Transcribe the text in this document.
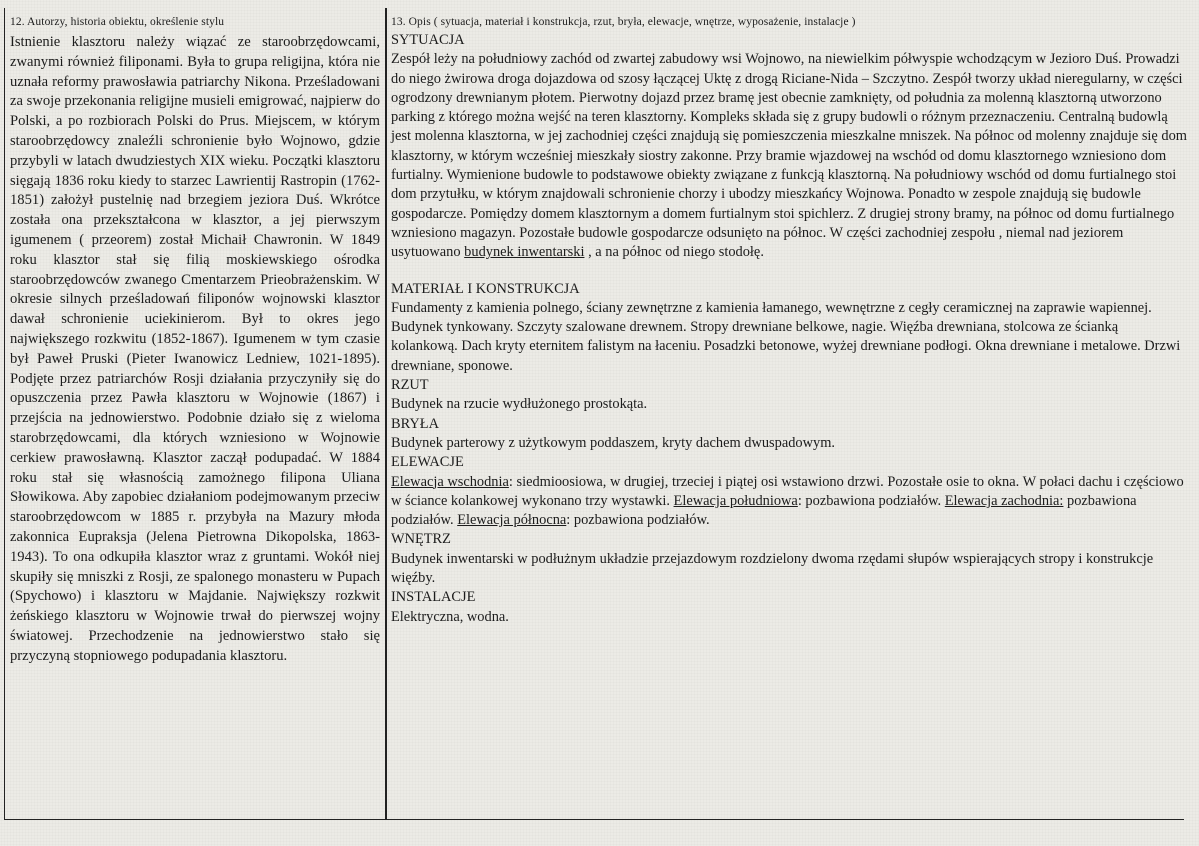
12. Autorzy, historia obiektu, określenie stylu

Istnienie klasztoru należy wiązać ze staroobrzędowcami, zwanymi również filiponami. Była to grupa religijna, która nie uznała reformy prawosławia patriarchy Nikona. Prześladowani za swoje przekonania religijne musieli emigrować, najpierw do Polski, a po rozbiorach Polski do Prus. Miejscem, w którym staroobrzędowcy znaleźli schronienie było Wojnowo, gdzie przybyli w latach dwudziestych XIX wieku. Początki klasztoru sięgają 1836 roku kiedy to starzec Lawrientij Rastropin (1762-1851) założył pustelnię nad brzegiem jeziora Duś. Wkrótce została ona przekształcona w klasztor, a jej pierwszym igumenem ( przeorem) został Michaił Chawronin. W 1849 roku klasztor stał się filią moskiewskiego ośrodka staroobrzędowców zwanego Cmentarzem Prieobrażenskim. W okresie silnych prześladowań filiponów wojnowski klasztor dawał schronienie uciekinierom. Był to okres jego największego rozkwitu (1852-1867). Igumenem w tym czasie był Paweł Pruski (Pieter Iwanowicz Ledniew, 1021-1895). Podjęte przez patriarchów Rosji działania przyczyniły się do opuszczenia przez Pawła klasztoru w Wojnowie (1867) i przejścia na jednowierstwo. Podobnie działo się z wieloma starobrzędowcami, dla których wzniesiono w Wojnowie cerkiew prawosławną. Klasztor zaczął podupadać. W 1884 roku stał się własnością zamożnego filipona Uliana Słowikowa. Aby zapobiec działaniom podejmowanym przeciw staroobrzędowcom w 1885 r. przybyła na Mazury młoda zakonnica Eupraksja (Jelena Pietrowna Dikopolska, 1863-1943). To ona odkupiła klasztor wraz z gruntami. Wokół niej skupiły się mniszki z Rosji, ze spalonego monasteru w Pupach (Spychowo) i klasztoru w Majdanie. Największy rozkwit żeńskiego klasztoru w Wojnowie trwał do pierwszej wojny światowej. Przechodzenie na jednowierstwo stało się przyczyną stopniowego podupadania klasztoru.

13. Opis ( sytuacja, materiał i konstrukcja, rzut, bryła, elewacje, wnętrze, wyposażenie, instalacje )
SYTUACJA

Zespół leży na południowy zachód od zwartej zabudowy wsi Wojnowo, na niewielkim półwyspie wchodzącym w Jezioro Duś. Prowadzi do niego żwirowa droga dojazdowa od szosy łączącej Uktę z drogą Riciane-Nida – Szczytno. Zespół tworzy układ nieregularny, w części ogrodzony drewnianym płotem. Pierwotny dojazd przez bramę jest obecnie zamknięty, od południa za molenną klasztorną utworzono parking z którego można wejść na teren klasztorny. Kompleks składa się z grupy budowli o różnym przeznaczeniu. Centralną budowlą jest molenna klasztorna, w jej zachodniej części znajdują się pomieszczenia mieszkalne mniszek. Na północ od molenny znajduje się dom klasztorny, w którym wcześniej mieszkały siostry zakonne. Przy bramie wjazdowej na wschód od domu klasztornego wzniesiono dom furtialny. Wymienione budowle to podstawowe obiekty związane z funkcją klasztorną. Na południowy wschód od domu furtialnego stoi dom przytułku, w którym znajdowali schronienie chorzy i ubodzy mieszkańcy Wojnowa. Ponadto w zespole znajdują się budowle gospodarcze. Pomiędzy domem klasztornym a domem furtialnym stoi spichlerz. Z drugiej strony bramy, na północ od domu furtialnego wzniesiono magazyn. Pozostałe budowle gospodarcze odsunięto na północ. W części zachodniej zespołu , niemal nad jeziorem usytuowano budynek inwentarski , a na północ od niego stodołę.

MATERIAŁ I KONSTRUKCJA

Fundamenty z kamienia polnego, ściany zewnętrzne z kamienia łamanego, wewnętrzne z cegły ceramicznej na zaprawie wapiennej. Budynek tynkowany. Szczyty szalowane drewnem. Stropy drewniane belkowe, nagie. Więźba drewniana, stolcowa ze ścianką kolankową. Dach kryty eternitem falistym na łaceniu. Posadzki betonowe, wyżej drewniane podłogi. Okna drewniane i metalowe. Drzwi drewniane, sponowe.

RZUT

Budynek na rzucie wydłużonego prostokąta.

BRYŁA

Budynek parterowy z użytkowym poddaszem, kryty dachem dwuspadowym.

ELEWACJE

Elewacja wschodnia: siedmioosiowa, w drugiej, trzeciej i piątej osi wstawiono drzwi. Pozostałe osie to okna. W połaci dachu i częściowo w ściance kolankowej wykonano trzy wystawki. Elewacja południowa: pozbawiona podziałów. Elewacja zachodnia: pozbawiona podziałów. Elewacja północna: pozbawiona podziałów.

WNĘTRZ

Budynek inwentarski w podłużnym układzie przejazdowym rozdzielony dwoma rzędami słupów wspierających stropy i konstrukcje więźby.

INSTALACJE

Elektryczna, wodna.
